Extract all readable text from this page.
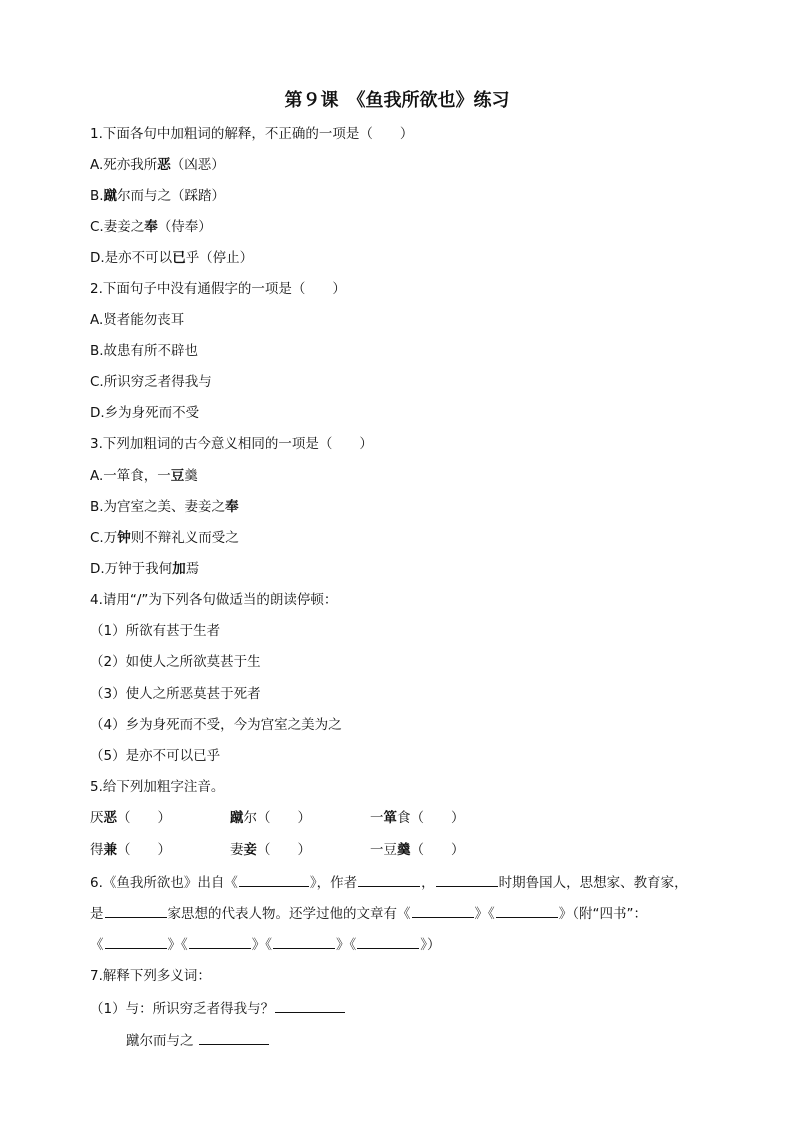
第９课　《鱼我所欲也》练习
1.下面各句中加粗词的解释，不正确的一项是（　　）
A.死亦我所恶（凶恶）
B.蹴尔而与之（踩踏）
C.妻妾之奉（侍奉）
D.是亦不可以已乎（停止）
2.下面句子中没有通假字的一项是（　　）
A.贤者能勿丧耳
B.故患有所不辟也
C.所识穷乏者得我与
D.乡为身死而不受
3.下列加粗词的古今意义相同的一项是（　　）
A.一箪食，一豆羹
B.为宫室之美、妻妾之奉
C.万钟则不辩礼义而受之
D.万钟于我何加焉
4.请用“/”为下列各句做适当的朗读停顿：
（1）所欲有甚于生者
（2）如使人之所欲莫甚于生
（3）使人之所恶莫甚于死者
（4）乡为身死而不受，今为宫室之美为之
（5）是亦不可以已乎
5.给下列加粗字注音。
厌恶（　　）	蹴尔（　　）	一箪食（　　）
得兼（　　）	妻妾（　　）	一豆羹（　　）
6.《鱼我所欲也》出自《	》，作者	，	时期鲁国人，思想家、教育家，
是	家思想的代表人物。还学过他的文章有《	》《	》（附“四书”：
《	》《	》《	》《	》）
7.解释下列多义词：
（1）与：所识穷乏者得我与？
蹴尔而与之
